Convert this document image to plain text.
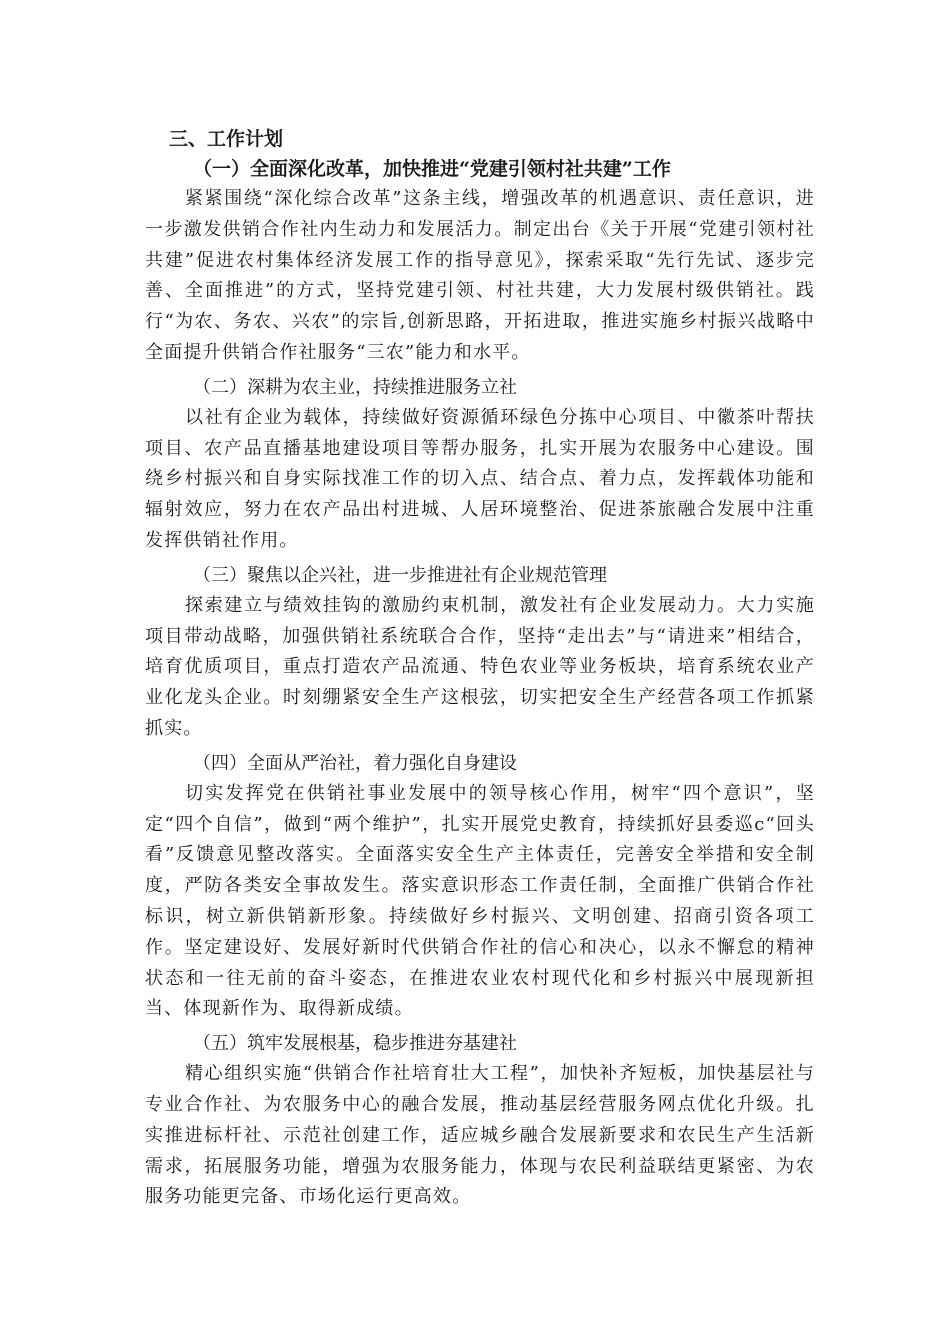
三、工作计划

（一）全面深化改革，加快推进“党建引领村社共建”工作

紧紧围绕“深化综合改革”这条主线，增强改革的机遇意识、责任意识，进一步激发供销合作社内生动力和发展活力。制定出台《关于开展“党建引领村社共建”促进农村集体经济发展工作的指导意见》，探索采取“先行先试、逐步完善、全面推进”的方式，坚持党建引领、村社共建，大力发展村级供销社。践行“为农、务农、兴农”的宗旨,创新思路，开拓进取，推进实施乡村振兴战略中全面提升供销合作社服务“三农”能力和水平。

（二）深耕为农主业，持续推进服务立社

以社有企业为载体，持续做好资源循环绿色分拣中心项目、中徽茶叶帮扶项目、农产品直播基地建设项目等帮办服务，扎实开展为农服务中心建设。围绕乡村振兴和自身实际找准工作的切入点、结合点、着力点，发挥载体功能和辐射效应，努力在农产品出村进城、人居环境整治、促进茶旅融合发展中注重发挥供销社作用。

（三）聚焦以企兴社，进一步推进社有企业规范管理

探索建立与绩效挂钩的激励约束机制，激发社有企业发展动力。大力实施项目带动战略，加强供销社系统联合合作，坚持“走出去”与“请进来”相结合，培育优质项目，重点打造农产品流通、特色农业等业务板块，培育系统农业产业化龙头企业。时刻绷紧安全生产这根弦，切实把安全生产经营各项工作抓紧抓实。

（四）全面从严治社，着力强化自身建设

切实发挥党在供销社事业发展中的领导核心作用，树牢“四个意识”，坚定“四个自信”，做到“两个维护”，扎实开展党史教育，持续抓好县委巡c“回头看”反馈意见整改落实。全面落实安全生产主体责任，完善安全举措和安全制度，严防各类安全事故发生。落实意识形态工作责任制，全面推广供销合作社标识，树立新供销新形象。持续做好乡村振兴、文明创建、招商引资各项工作。坚定建设好、发展好新时代供销合作社的信心和决心，以永不懈怠的精神状态和一往无前的奋斗姿态，在推进农业农村现代化和乡村振兴中展现新担当、体现新作为、取得新成绩。

（五）筑牢发展根基，稳步推进夯基建社

精心组织实施“供销合作社培育壮大工程”，加快补齐短板，加快基层社与专业合作社、为农服务中心的融合发展，推动基层经营服务网点优化升级。扎实推进标杆社、示范社创建工作，适应城乡融合发展新要求和农民生产生活新需求，拓展服务功能，增强为农服务能力，体现与农民利益联结更紧密、为农服务功能更完备、市场化运行更高效。
